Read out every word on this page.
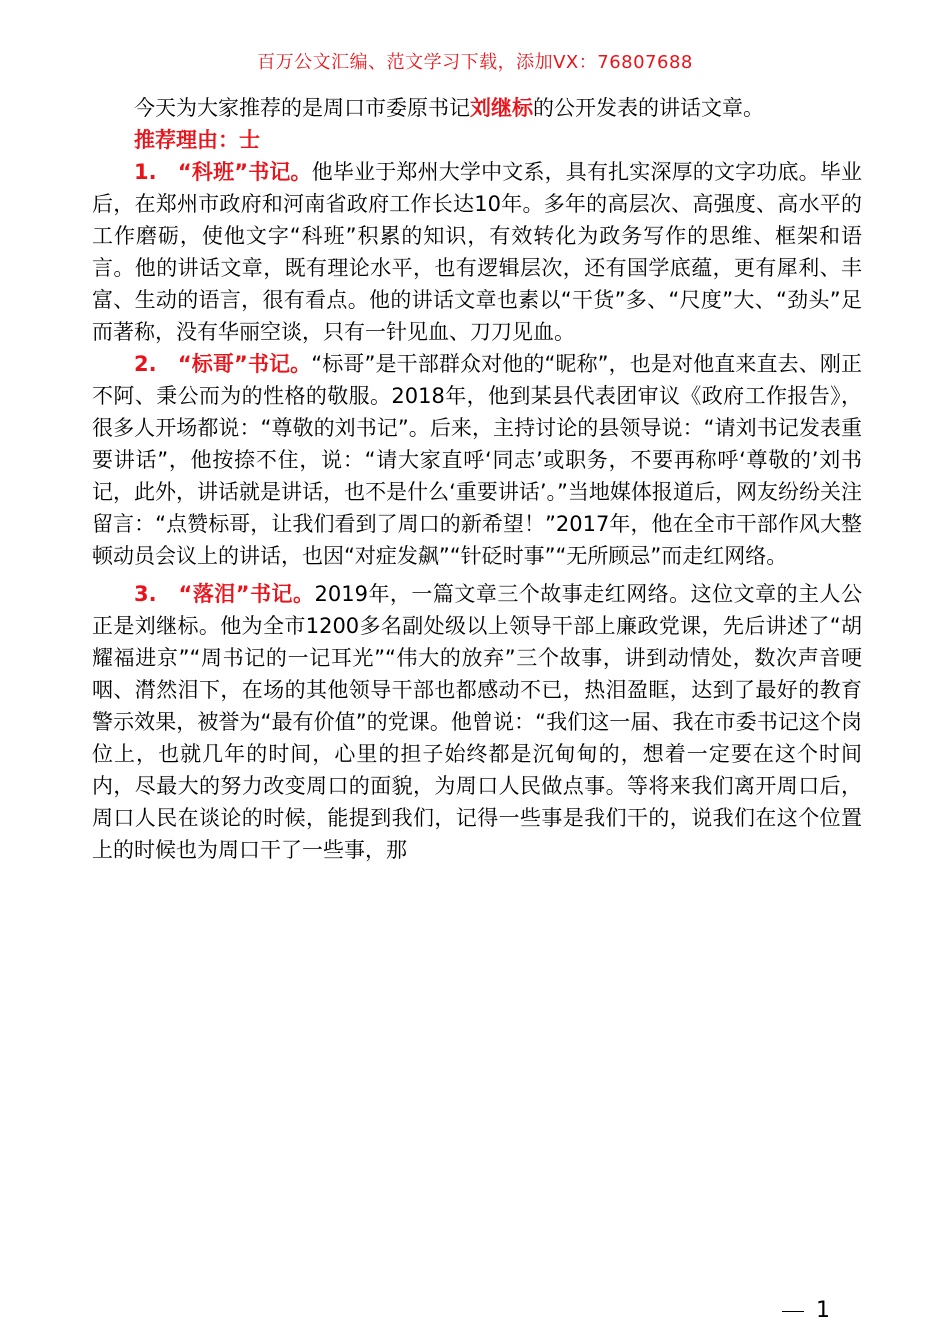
百万公文汇编、范文学习下载，添加VX：76807688

今天为大家推荐的是周口市委原书记刘继标的公开发表的讲话文章。

推荐理由：士

1.　“科班”书记。他毕业于郑州大学中文系，具有扎实深厚的文字功底。毕业后，在郑州市政府和河南省政府工作长达10年。多年的高层次、高强度、高水平的工作磨砺，使他文字“科班”积累的知识，有效转化为政务写作的思维、框架和语言。他的讲话文章，既有理论水平，也有逻辑层次，还有国学底蕴，更有犀利、丰富、生动的语言，很有看点。他的讲话文章也素以“干货”多、“尺度”大、“劲头”足而著称，没有华丽空谈，只有一针见血、刀刀见血。

2.　“标哥”书记。“标哥”是干部群众对他的“昵称”，也是对他直来直去、刚正不阿、秉公而为的性格的敬服。2018年，他到某县代表团审议《政府工作报告》，很多人开场都说：“尊敬的刘书记”。后来，主持讨论的县领导说：“请刘书记发表重要讲话”，他按捺不住，说：“请大家直呼‘同志’或职务，不要再称呼‘尊敬的’刘书记，此外，讲话就是讲话，也不是什么‘重要讲话’。”当地媒体报道后，网友纷纷关注留言：“点赞标哥，让我们看到了周口的新希望！”2017年，他在全市干部作风大整顿动员会议上的讲话，也因“对症发飙”“针砭时事”“无所顾忌”而走红网络。

3.　“落泪”书记。2019年，一篇文章三个故事走红网络。这位文章的主人公正是刘继标。他为全市1200多名副处级以上领导干部上廉政党课，先后讲述了“胡耀福进京”“周书记的一记耳光”“伟大的放弃”三个故事，讲到动情处，数次声音哽咽、潸然泪下，在场的其他领导干部也都感动不已，热泪盈眶，达到了最好的教育警示效果，被誉为“最有价值”的党课。他曾说：“我们这一届、我在市委书记这个岗位上，也就几年的时间，心里的担子始终都是沉甸甸的，想着一定要在这个时间内，尽最大的努力改变周口的面貌，为周口人民做点事。等将来我们离开周口后，周口人民在谈论的时候，能提到我们，记得一些事是我们干的，说我们在这个位置上的时候也为周口干了一些事，那

1
